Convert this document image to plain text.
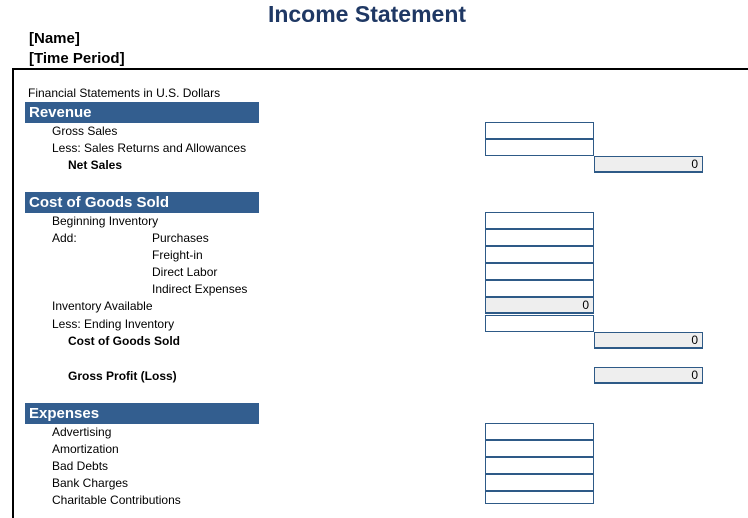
Income Statement
[Name]
[Time Period]
Financial Statements in U.S. Dollars
Revenue
Gross Sales
Less: Sales Returns and Allowances
Net Sales	0
Cost of Goods Sold
Beginning Inventory
Add:	Purchases
Freight-in
Direct Labor
Indirect Expenses
Inventory Available	0
Less: Ending Inventory
Cost of Goods Sold	0
Gross Profit (Loss)	0
Expenses
Advertising
Amortization
Bad Debts
Bank Charges
Charitable Contributions
